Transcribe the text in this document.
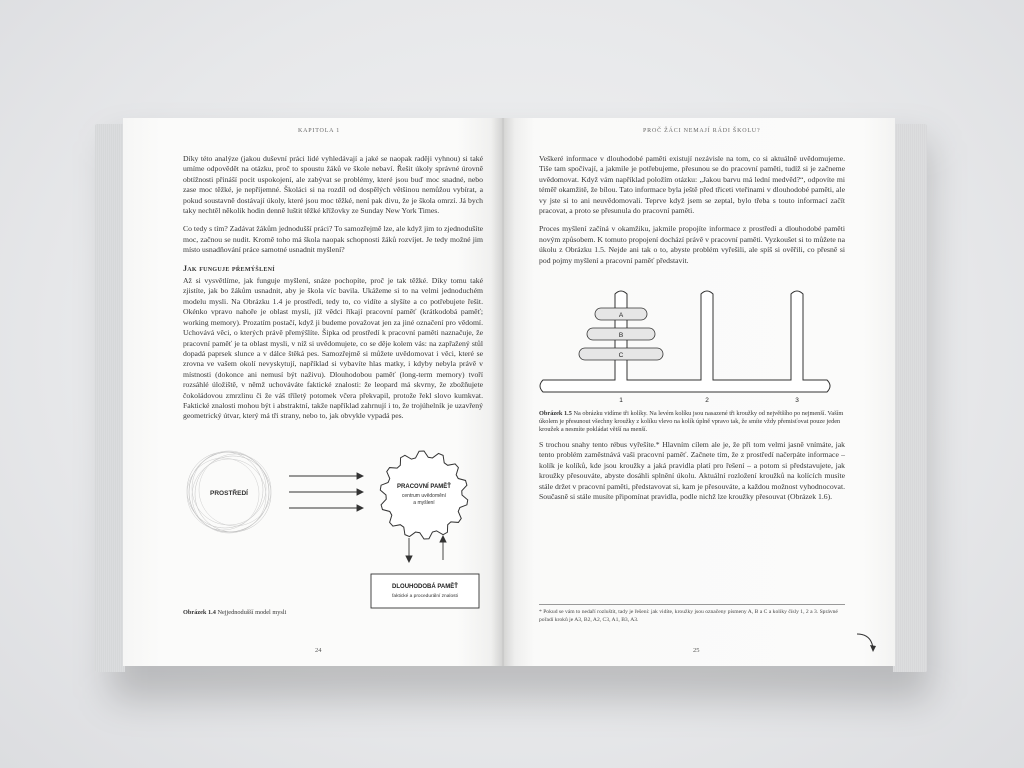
KAPITOLA 1

Díky této analýze (jakou duševní práci lidé vyhledávají a jaké se naopak raději vyhnou) si také umíme odpovědět na otázku, proč to spoustu žáků ve škole nebaví. Řešit úkoly správné úrovně obtížnosti přináší pocit uspokojení, ale zabývat se problémy, které jsou buď moc snadné, nebo zase moc těžké, je nepříjemné. Školáci si na rozdíl od dospělých většinou nemůžou vybírat, a pokud soustavně dostávají úkoly, které jsou moc těžké, není pak divu, že je škola omrzí. Já bych taky nechtěl několik hodin denně luštit těžké křížovky ze Sunday New York Times.

Co tedy s tím? Zadávat žákům jednodušší práci? To samozřejmě lze, ale když jim to zjednodušíte moc, začnou se nudit. Kromě toho má škola naopak schopnosti žáků rozvíjet. Je tedy možné jim místo usnadňování práce samotné usnadnit myšlení?

Jak funguje přemýšlení

Až si vysvětlíme, jak funguje myšlení, snáze pochopíte, proč je tak těžké. Díky tomu také zjistíte, jak bo žákům usnadnit, aby je škola víc bavila. Ukážeme si to na velmi jednoduchém modelu mysli. Na Obrázku 1.4 je prostředí, tedy to, co vidíte a slyšíte a co potřebujete řešit. Okénko vpravo nahoře je oblast mysli, jíž vědci říkají pracovní paměť (krátkodobá paměť; working memory). Prozatím postačí, když ji budeme považovat jen za jiné označení pro vědomí. Uchovává věci, o kterých právě přemýšlíte. Šipka od prostředí k pracovní paměti naznačuje, že pracovní paměť je ta oblast mysli, v níž si uvědomujete, co se děje kolem vás: na zapřažený stůl dopadá paprsek slunce a v dálce štěká pes. Samozřejmě si můžete uvědomovat i věci, které se zrovna ve vašem okolí nevyskytují, například si vybavíte hlas matky, i kdyby nebyla právě v místnosti (dokonce ani nemusí být naživu). Dlouhodobou paměť (long-term memory) tvoří rozsáhlé úložiště, v němž uchováváte faktické znalosti: že leopard má skvrny, že zbožňujete čokoládovou zmrzlinu či že váš tříletý potomek včera překvapil, protože řekl slovo kumkvat. Faktické znalosti mohou být i abstraktní, takže například zahrnují i to, že trojúhelník je uzavřený geometrický útvar, který má tři strany, nebo to, jak obvykle vypadá pes.

PROSTŘEDÍ
PRACOVNÍ PAMĚŤ
centrum uvědomění
a myšlení
DLOUHODOBÁ PAMĚŤ
faktické a procedurální znalosti
Obrázek 1.4 Nejjednodušší model mysli
24
PROČ ŽÁCI NEMAJÍ RÁDI ŠKOLU?

Veškeré informace v dlouhodobé paměti existují nezávisle na tom, co si aktuálně uvědomujeme. Tiše tam spočívají, a jakmile je potřebujeme, přesunou se do pracovní paměti, tudíž si je začneme uvědomovat. Když vám například položím otázku: „Jakou barvu má lední medvěd?“, odpovíte mi téměř okamžitě, že bílou. Tato informace byla ještě před třiceti vteřinami v dlouhodobé paměti, ale vy jste si to ani neuvědomovali. Teprve když jsem se zeptal, bylo třeba s touto informací začít pracovat, a proto se přesunula do pracovní paměti.

Proces myšlení začíná v okamžiku, jakmile propojíte informace z prostředí a dlouhodobé paměti novým způsobem. K tomuto propojení dochází právě v pracovní paměti. Vyzkoušet si to můžete na úkolu z Obrázku 1.5. Nejde ani tak o to, abyste problém vyřešili, ale spíš si ověřili, co přesně si pod pojmy myšlení a pracovní paměť představit.

A
B
C
1	2	3
Obrázek 1.5 Na obrázku vidíme tři kolíky. Na levém kolíku jsou nasazené tři kroužky od největšího po nejmenší. Vaším úkolem je přesunout všechny kroužky z kolíku vlevo na kolík úplně vpravo tak, že smíte vždy přemisťovat pouze jeden kroužek a nesmíte pokládat větší na menší.

S trochou snahy tento rébus vyřešíte.* Hlavním cílem ale je, že při tom velmi jasně vnímáte, jak tento problém zaměstnává vaši pracovní paměť. Začnete tím, že z prostředí načerpáte informace – kolík je kolíků, kde jsou kroužky a jaká pravidla platí pro řešení – a potom si představujete, jak kroužky přesouváte, abyste dosáhli splnění úkolu. Aktuální rozložení kroužků na kolících musíte stále držet v pracovní paměti, představovat si, kam je přesouváte, a každou možnost vyhodnocovat. Současně si stále musíte připomínat pravidla, podle nichž lze kroužky přesouvat (Obrázek 1.6).

* Pokud se vám to nedaří rozluštit, tady je řešení: jak vidíte, kroužky jsou označeny písmeny A, B a C a kolíky čísly 1, 2 a 3. Správné pořadí kroků je A3, B2, A2, C3, A1, B3, A3.
25
